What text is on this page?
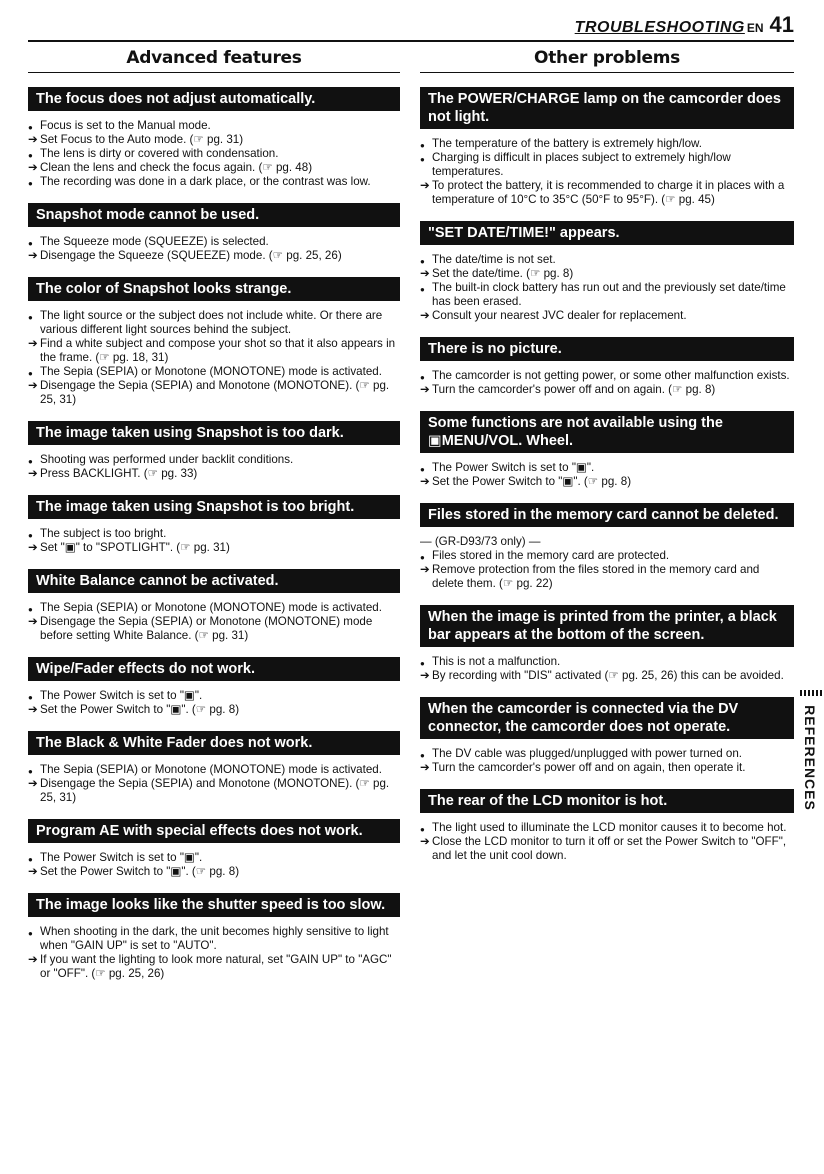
TROUBLESHOOTING EN 41
Advanced features
The focus does not adjust automatically.
● Focus is set to the Manual mode.
➔ Set Focus to the Auto mode. (☞ pg. 31)
● The lens is dirty or covered with condensation.
➔ Clean the lens and check the focus again. (☞ pg. 48)
● The recording was done in a dark place, or the contrast was low.
Snapshot mode cannot be used.
● The Squeeze mode (SQUEEZE) is selected.
➔ Disengage the Squeeze (SQUEEZE) mode. (☞ pg. 25, 26)
The color of Snapshot looks strange.
● The light source or the subject does not include white. Or there are various different light sources behind the subject.
➔ Find a white subject and compose your shot so that it also appears in the frame. (☞ pg. 18, 31)
● The Sepia (SEPIA) or Monotone (MONOTONE) mode is activated.
➔ Disengage the Sepia (SEPIA) and Monotone (MONOTONE). (☞ pg. 25, 31)
The image taken using Snapshot is too dark.
● Shooting was performed under backlit conditions.
➔ Press BACKLIGHT. (☞ pg. 33)
The image taken using Snapshot is too bright.
● The subject is too bright.
➔ Set "▣" to "SPOTLIGHT". (☞ pg. 31)
White Balance cannot be activated.
● The Sepia (SEPIA) or Monotone (MONOTONE) mode is activated.
➔ Disengage the Sepia (SEPIA) or Monotone (MONOTONE) mode before setting White Balance. (☞ pg. 31)
Wipe/Fader effects do not work.
● The Power Switch is set to "▣".
➔ Set the Power Switch to "▣". (☞ pg. 8)
The Black & White Fader does not work.
● The Sepia (SEPIA) or Monotone (MONOTONE) mode is activated.
➔ Disengage the Sepia (SEPIA) and Monotone (MONOTONE). (☞ pg. 25, 31)
Program AE with special effects does not work.
● The Power Switch is set to "▣".
➔ Set the Power Switch to "▣". (☞ pg. 8)
The image looks like the shutter speed is too slow.
● When shooting in the dark, the unit becomes highly sensitive to light when "GAIN UP" is set to "AUTO".
➔ If you want the lighting to look more natural, set "GAIN UP" to "AGC" or "OFF". (☞ pg. 25, 26)
Other problems
The POWER/CHARGE lamp on the camcorder does not light.
● The temperature of the battery is extremely high/low.
● Charging is difficult in places subject to extremely high/low temperatures.
➔ To protect the battery, it is recommended to charge it in places with a temperature of 10°C to 35°C (50°F to 95°F). (☞ pg. 45)
"SET DATE/TIME!" appears.
● The date/time is not set.
➔ Set the date/time. (☞ pg. 8)
● The built-in clock battery has run out and the previously set date/time has been erased.
➔ Consult your nearest JVC dealer for replacement.
There is no picture.
● The camcorder is not getting power, or some other malfunction exists.
➔ Turn the camcorder's power off and on again. (☞ pg. 8)
Some functions are not available using the ▣MENU/VOL. Wheel.
● The Power Switch is set to "▣".
➔ Set the Power Switch to "▣". (☞ pg. 8)
Files stored in the memory card cannot be deleted.
— (GR-D93/73 only) —
● Files stored in the memory card are protected.
➔ Remove protection from the files stored in the memory card and delete them. (☞ pg. 22)
When the image is printed from the printer, a black bar appears at the bottom of the screen.
● This is not a malfunction.
➔ By recording with "DIS" activated (☞ pg. 25, 26) this can be avoided.
When the camcorder is connected via the DV connector, the camcorder does not operate.
● The DV cable was plugged/unplugged with power turned on.
➔ Turn the camcorder's power off and on again, then operate it.
The rear of the LCD monitor is hot.
● The light used to illuminate the LCD monitor causes it to become hot.
➔ Close the LCD monitor to turn it off or set the Power Switch to "OFF", and let the unit cool down.
REFERENCES
